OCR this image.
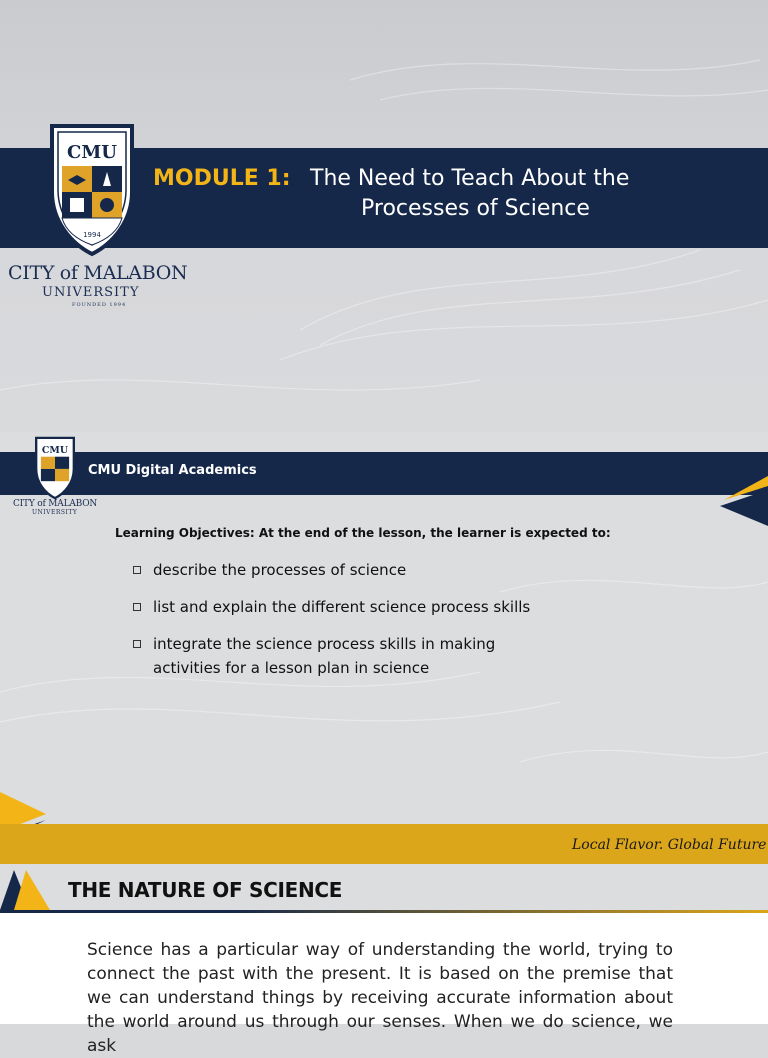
CMU
1994
MODULE 1: The Need to Teach About the
Processes of Science
CITY of MALABON
UNIVERSITY
FOUNDED 1994
CMU
CITY of MALABON
UNIVERSITY
CMU Digital Academics
Learning Objectives: At the end of the lesson, the learner is expected to:
describe the processes of science
list and explain the different science process skills
integrate the science process skills in making activities for a lesson plan in science
Local Flavor. Global Future
THE NATURE OF SCIENCE

Science has a particular way of understanding the world, trying to connect the past with the present. It is based on the premise that we can understand things by receiving accurate information about the world around us through our senses. When we do science, we ask
